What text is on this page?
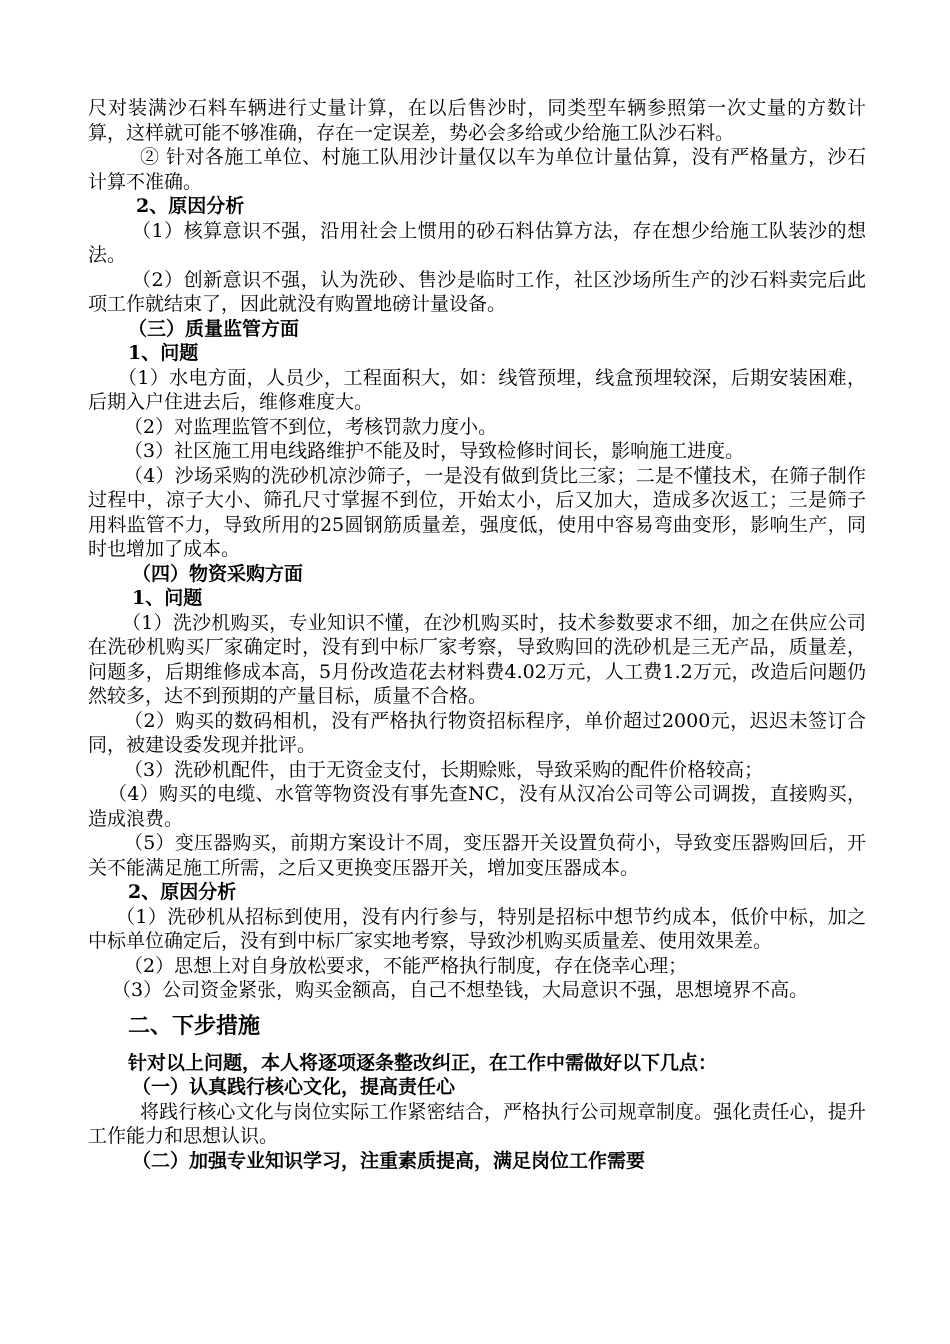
尺对装满沙石料车辆进行丈量计算，在以后售沙时，同类型车辆参照第一次丈量的方数计算，这样就可能不够准确，存在一定误差，势必会多给或少给施工队沙石料。

② 针对各施工单位、村施工队用沙计量仅以车为单位计量估算，没有严格量方，沙石计算不准确。

2、原因分析

（1）核算意识不强，沿用社会上惯用的砂石料估算方法，存在想少给施工队装沙的想法。

（2）创新意识不强，认为洗砂、售沙是临时工作，社区沙场所生产的沙石料卖完后此项工作就结束了，因此就没有购置地磅计量设备。

（三）质量监管方面

1、问题

（1）水电方面，人员少，工程面积大，如：线管预埋，线盒预埋较深，后期安装困难，后期入户住进去后，维修难度大。

（2）对监理监管不到位，考核罚款力度小。

（3）社区施工用电线路维护不能及时，导致检修时间长，影响施工进度。

（4）沙场采购的洗砂机凉沙筛子，一是没有做到货比三家；二是不懂技术，在筛子制作过程中，凉子大小、筛孔尺寸掌握不到位，开始太小，后又加大，造成多次返工；三是筛子用料监管不力，导致所用的25圆钢筋质量差，强度低，使用中容易弯曲变形，影响生产，同时也增加了成本。

（四）物资采购方面

1、问题

（1）洗沙机购买，专业知识不懂，在沙机购买时，技术参数要求不细，加之在供应公司在洗砂机购买厂家确定时，没有到中标厂家考察，导致购回的洗砂机是三无产品，质量差，问题多，后期维修成本高，5月份改造花去材料费4.02万元，人工费1.2万元，改造后问题仍然较多，达不到预期的产量目标，质量不合格。

（2）购买的数码相机，没有严格执行物资招标程序，单价超过2000元，迟迟未签订合同，被建设委发现并批评。

（3）洗砂机配件，由于无资金支付，长期赊账，导致采购的配件价格较高；

（4）购买的电缆、水管等物资没有事先查NC，没有从汉冶公司等公司调拨，直接购买，造成浪费。

（5）变压器购买，前期方案设计不周，变压器开关设置负荷小，导致变压器购回后，开关不能满足施工所需，之后又更换变压器开关，增加变压器成本。

2、原因分析

（1）洗砂机从招标到使用，没有内行参与，特别是招标中想节约成本，低价中标，加之中标单位确定后，没有到中标厂家实地考察，导致沙机购买质量差、使用效果差。

（2）思想上对自身放松要求，不能严格执行制度，存在侥幸心理；

（3）公司资金紧张，购买金额高，自己不想垫钱，大局意识不强，思想境界不高。

二、下步措施

针对以上问题，本人将逐项逐条整改纠正，在工作中需做好以下几点：

（一）认真践行核心文化，提高责任心

将践行核心文化与岗位实际工作紧密结合，严格执行公司规章制度。强化责任心，提升工作能力和思想认识。

（二）加强专业知识学习，注重素质提高，满足岗位工作需要
